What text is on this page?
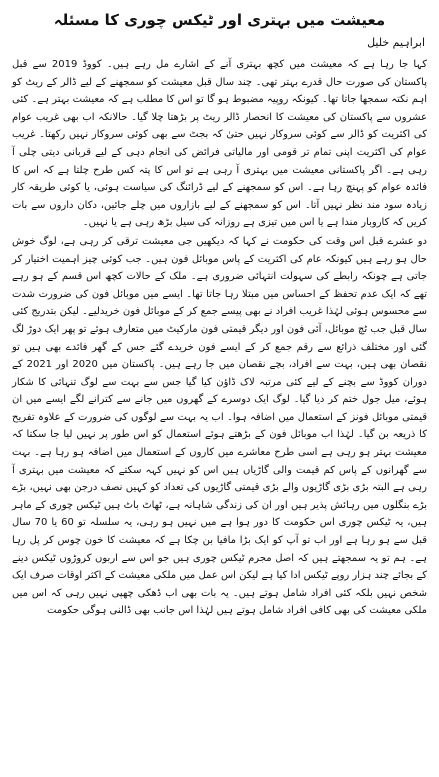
معیشت میں بہتری اور ٹیکس چوری کا مسئلہ
ابراہیم خلیل

کہا جا رہا ہے کہ معیشت میں کچھ بہتری آنے کے اشارے مل رہے ہیں۔ کووڈ 2019 سے قبل پاکستان کی صورت حال قدرے بہتر تھی۔ چند سال قبل معیشت کو سمجھنے کے لیے ڈالر کے ریٹ کو اہم نکتہ سمجھا جاتا تھا۔ کیونکہ روپیہ مضبوط ہو گا تو اس کا مطلب ہے کہ معیشت بہتر ہے۔ کئی عشروں سے پاکستان کی معیشت کا انحصار ڈالر ریٹ پر بڑھتا چلا گیا۔ حالانکہ اب بھی غریب عوام کی اکثریت کو ڈالر سے کوئی سروکار نہیں حتیٰ کہ بجٹ سے بھی کوئی سروکار نہیں رکھتا۔ غریب عوام کی اکثریت اپنی تمام تر قومی اور مالیاتی فرائض کی انجام دہی کے لیے قربانی دیتی چلی آ رہی ہے۔ اگر پاکستانی معیشت میں بہتری آ رہی ہے تو اس کا پتہ کس طرح چلتا ہے کہ اس کا فائدہ عوام کو پہنچ رہا ہے۔ اس کو سمجھنے کے لیے ڈرائنگ کی سیاست ہوئی، یا کوئی طریقہ کار زیادہ سود مند نظر نہیں آتا۔ اس کو سمجھنے کے لیے بازاروں میں چلے جائیں، دکان داروں سے بات کریں کہ کاروبار مندا ہے یا اس میں تیزی ہے روزانہ کی سیل بڑھ رہی ہے یا نہیں۔

دو عشرے قبل اس وقت کی حکومت نے کہا کہ دیکھیں جی معیشت ترقی کر رہی ہے، لوگ خوش حال ہو رہے ہیں کیونکہ عام کی اکثریت کے پاس موبائل فون ہیں۔ جب کوئی چیز اہمیت اختیار کر جاتی ہے چونکہ رابطے کی سہولت انتہائی ضروری ہے۔ ملک کے حالات کچھ اس قسم کے ہو رہے تھے کہ ایک عدم تحفظ کے احساس میں مبتلا رہا جاتا تھا۔ ایسے میں موبائل فون کی ضرورت شدت سے محسوس ہوئی لہٰذا غریب افراد نے بھی پیسے جمع کر کے موبائل فون خریدلیے۔ لیکن بتدریج کئی سال قبل جب ٹچ موبائل، آئی فون اور دیگر قیمتی فون مارکیٹ میں متعارف ہوئے تو پھر ایک دوڑ لگ گئی اور مختلف ذرائع سے رقم جمع کر کے ایسے فون خریدے گئے جس کے گھر فائدے بھی ہیں تو نقصان بھی ہیں، بہت سے افراد، بچے نقصان میں جا رہے ہیں۔ پاکستان میں 2020 اور 2021 کے دوران کووڈ سے بچنے کے لیے کئی مرتبہ لاک ڈاؤن کیا گیا جس سے بہت سے لوگ تنہائی کا شکار ہوئے، میل جول ختم کر دیا گیا۔ لوگ ایک دوسرے کے گھروں میں جانے سے کترانے لگے ایسے میں ان قیمتی موبائل فونز کے استعمال میں اضافہ ہوا۔ اب یہ بہت سے لوگوں کی ضرورت کے علاوہ تفریح کا ذریعہ بن گیا۔ لہٰذا اب موبائل فون کے بڑھتے ہوئے استعمال کو اس طور پر نہیں لیا جا سکتا کہ معیشت بہتر ہو رہی ہے اسی طرح معاشرے میں کاروں کے استعمال میں اضافہ ہو رہا ہے۔ بہت سے گھرانوں کے پاس کم قیمت والی گاڑیاں ہیں اس کو نہیں کہہ سکتے کہ معیشت میں بہتری آ رہی ہے البتہ بڑی بڑی گاڑیوں والے بڑی قیمتی گاڑیوں کی تعداد کو کہیں نصف درجن بھی نہیں، بڑے بڑے بنگلوں میں رہائش پذیر ہیں اور ان کی زندگی شاہانہ ہے، ٹھاٹ باٹ ہیں ٹیکس چوری کے ماہر ہیں، یہ ٹیکس چوری اس حکومت کا دور ہوا ہے میں نہیں ہو رہی، یہ سلسلہ تو 60 یا 70 سال قبل سے ہو رہا ہے اور اب تو آپ کو ایک بڑا مافیا بن چکا ہے کہ معیشت کا خون چوس کر پل رہا ہے۔ ہم تو یہ سمجھتے ہیں کہ اصل مجرم ٹیکس چوری ہیں جو اس سے اربوں کروڑوں ٹیکس دینے کے بجائے چند ہزار روپے ٹیکس ادا کیا ہے لیکن اس عمل میں ملکی معیشت کے اکثر اوقات صرف ایک شخص نہیں بلکہ کئی افراد شامل ہوتے ہیں۔ یہ بات بھی اب ڈھکی چھپی نہیں رہی کہ اس میں ملکی معیشت کی بھی کافی افراد شامل ہوتے ہیں لہٰذا اس جانب بھی ڈالنی ہوگی حکومت
